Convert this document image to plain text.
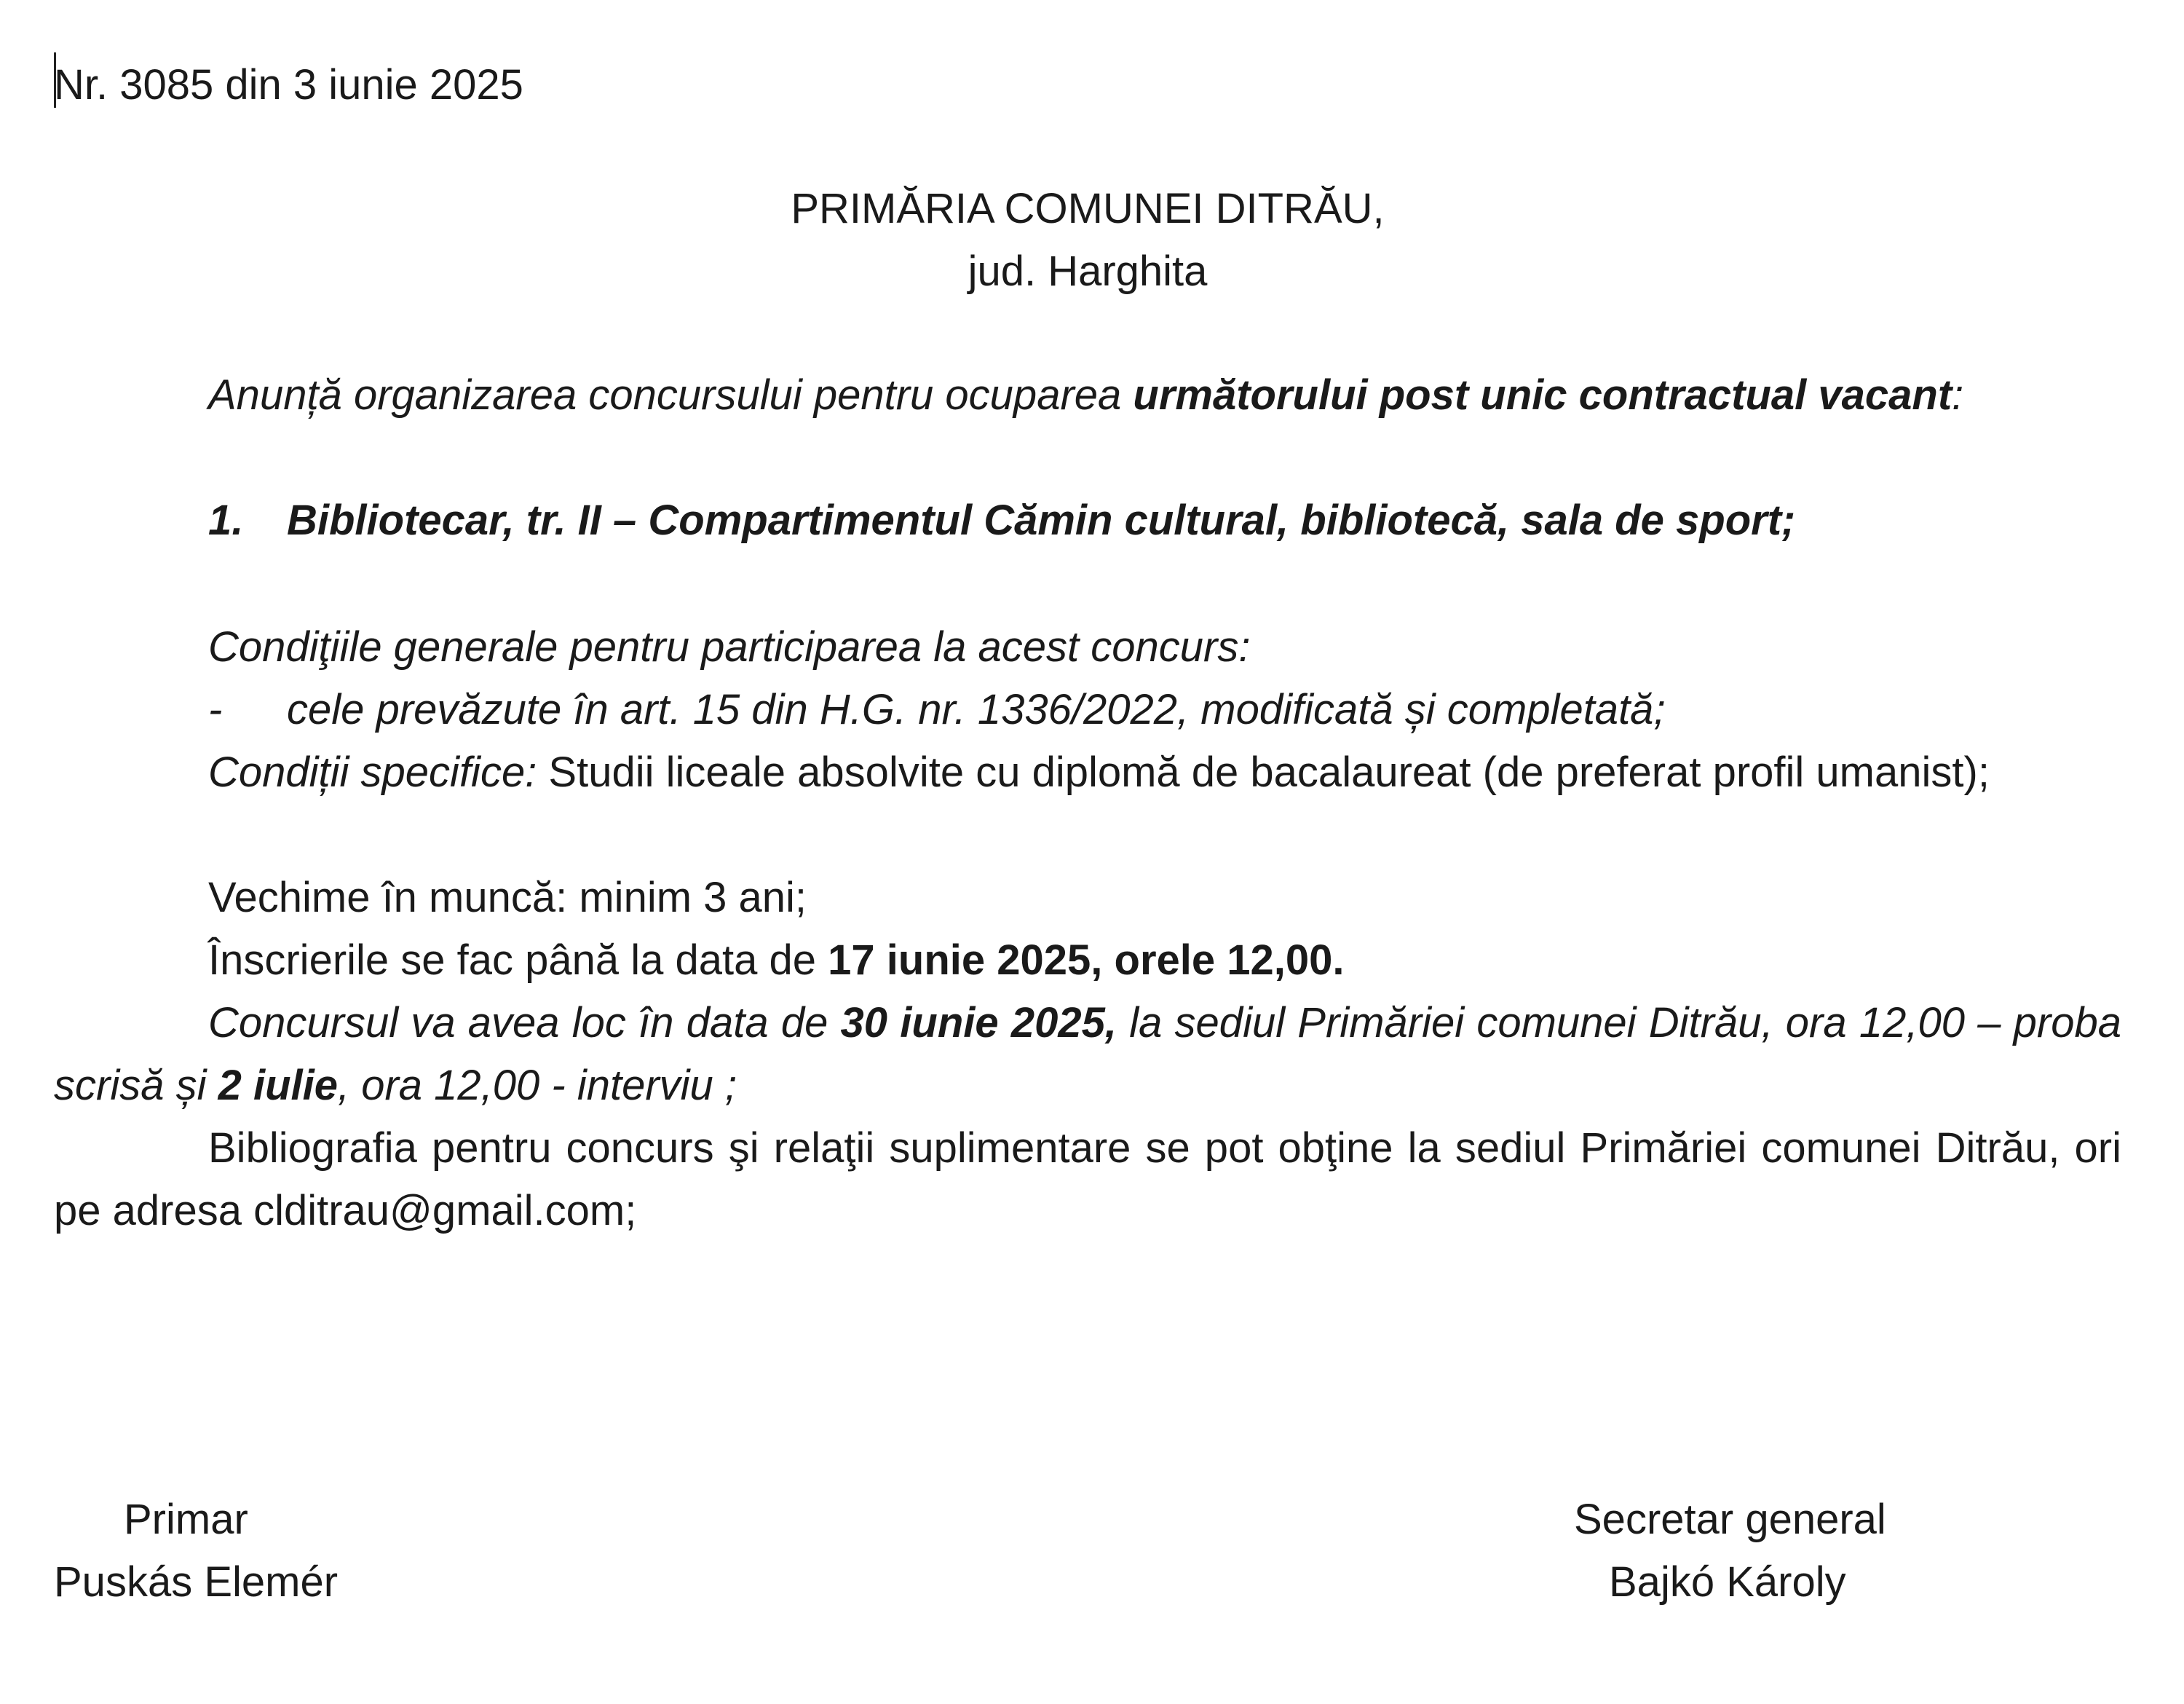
Nr. 3085 din 3 iunie 2025
PRIMĂRIA COMUNEI DITRĂU,
jud. Harghita
Anunță organizarea concursului pentru ocuparea următorului post unic contractual vacant:
1. Bibliotecar, tr. II – Compartimentul Cămin cultural, bibliotecă, sala de sport;
Condiţiile generale pentru participarea la acest concurs:
- cele prevăzute în art. 15 din H.G. nr. 1336/2022, modificată și completată;
Condiții specifice: Studii liceale absolvite cu diplomă de bacalaureat (de preferat profil umanist);
Vechime în muncă: minim 3 ani;
Înscrierile se fac până la data de 17 iunie 2025, orele 12,00.
Concursul va avea loc în data de 30 iunie 2025, la sediul Primăriei comunei Ditrău, ora 12,00 – proba scrisă și 2 iulie, ora 12,00 - interviu ;
Bibliografia pentru concurs şi relaţii suplimentare se pot obţine la sediul Primăriei comunei Ditrău, ori pe adresa clditrau@gmail.com;
Primar
Puskás Elemér
Secretar general
Bajkó Károly
